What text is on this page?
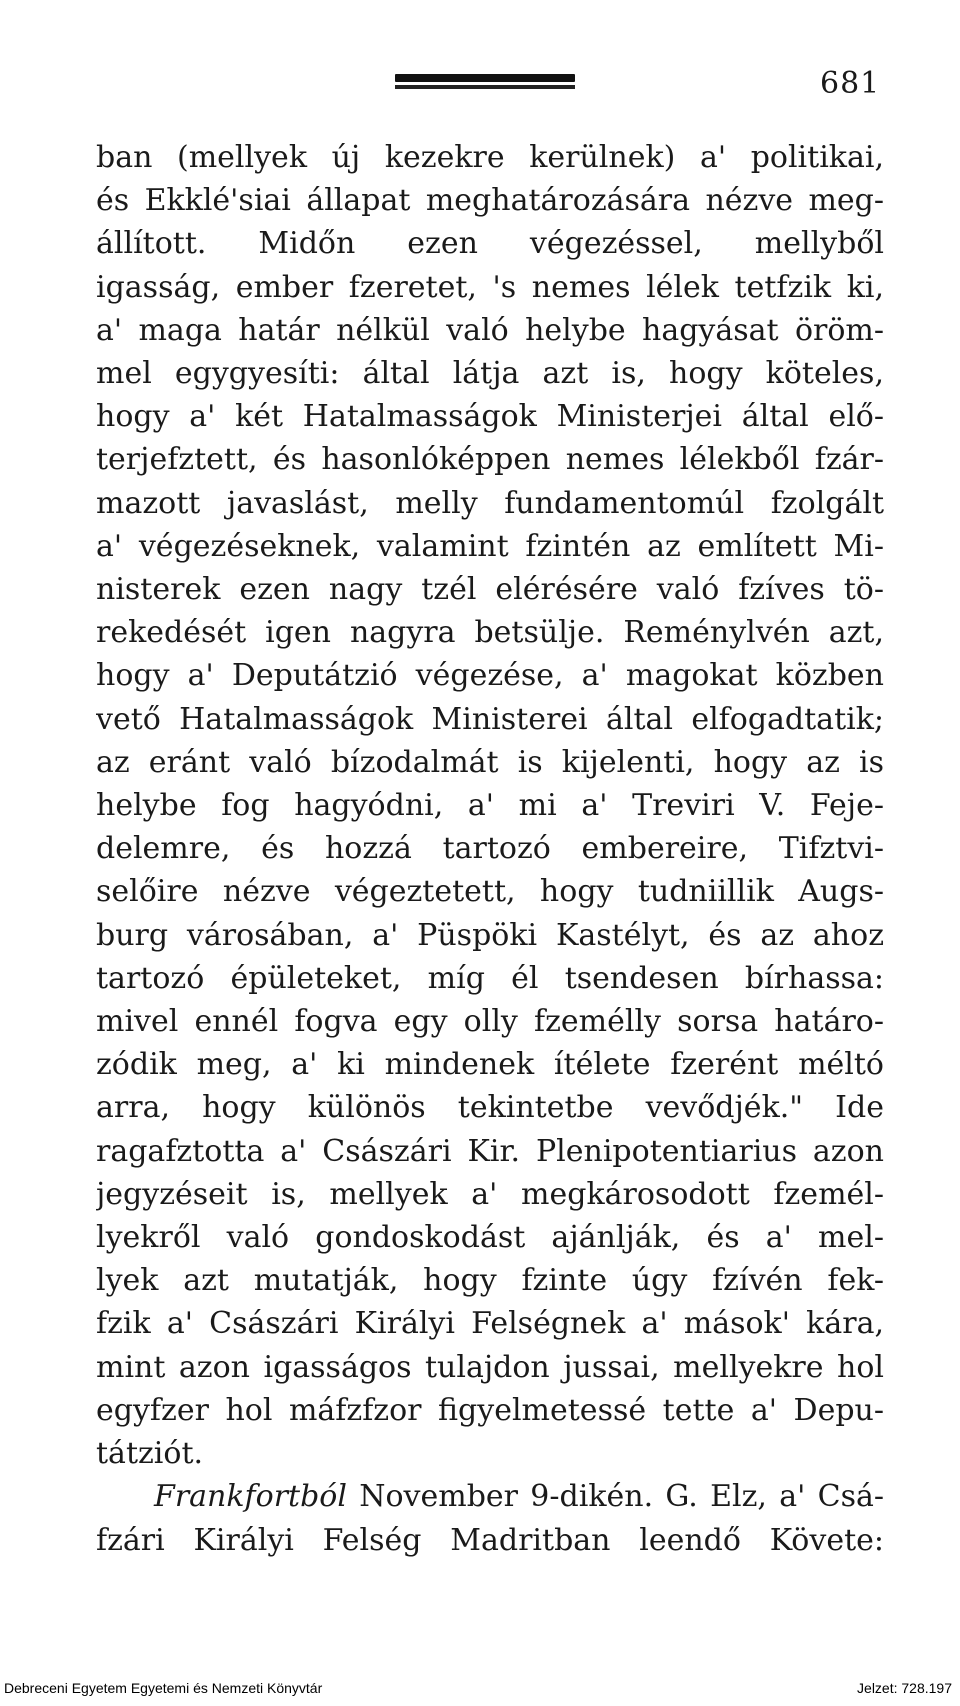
681
ban (mellyek új kezekre kerülnek) a' politikai,
és Ekklé'siai állapat meghatározására nézve meg-
állított. Midőn ezen végezéssel, mellyből
igasság, ember fzeretet, 's nemes lélek tetfzik ki,
a' maga határ nélkül való helybe hagyásat öröm-
mel egygyesíti: által látja azt is, hogy köteles,
hogy a' két Hatalmasságok Ministerjei által elő-
terjefztett, és hasonlóképpen nemes lélekből fzár-
mazott javaslást, melly fundamentomúl fzolgált
a' végezéseknek, valamint fzintén az említett Mi-
nisterek ezen nagy tzél elérésére való fzíves tö-
rekedését igen nagyra betsülje. Reménylvén azt,
hogy a' Deputátzió végezése, a' magokat közben
vető Hatalmasságok Ministerei által elfogadtatik;
az eránt való bízodalmát is kijelenti, hogy az is
helybe fog hagyódni, a' mi a' Treviri V. Feje-
delemre, és hozzá tartozó embereire, Tifztvi-
selőire nézve végeztetett, hogy tudniillik Augs-
burg városában, a' Püspöki Kastélyt, és az ahoz
tartozó épületeket, míg él tsendesen bírhassa:
mivel ennél fogva egy olly fzemélly sorsa határo-
zódik meg, a' ki mindenek ítélete fzerént méltó
arra, hogy különös tekintetbe vevődjék." Ide
ragafztotta a' Császári Kir. Plenipotentiarius azon
jegyzéseit is, mellyek a' megkárosodott fzemél-
lyekről való gondoskodást ajánlják, és a' mel-
lyek azt mutatják, hogy fzinte úgy fzívén fek-
fzik a' Császári Királyi Felségnek a' mások' kára,
mint azon igasságos tulajdon jussai, mellyekre hol
egyfzer hol máfzfzor figyelmetessé tette a' Depu-
tátziót.
Frankfortból November 9-dikén. G. Elz, a' Csá-
fzári Királyi Felség Madritban leendő Követe:
Debreceni Egyetem Egyetemi és Nemzeti Könyvtár	Jelzet: 728.197
